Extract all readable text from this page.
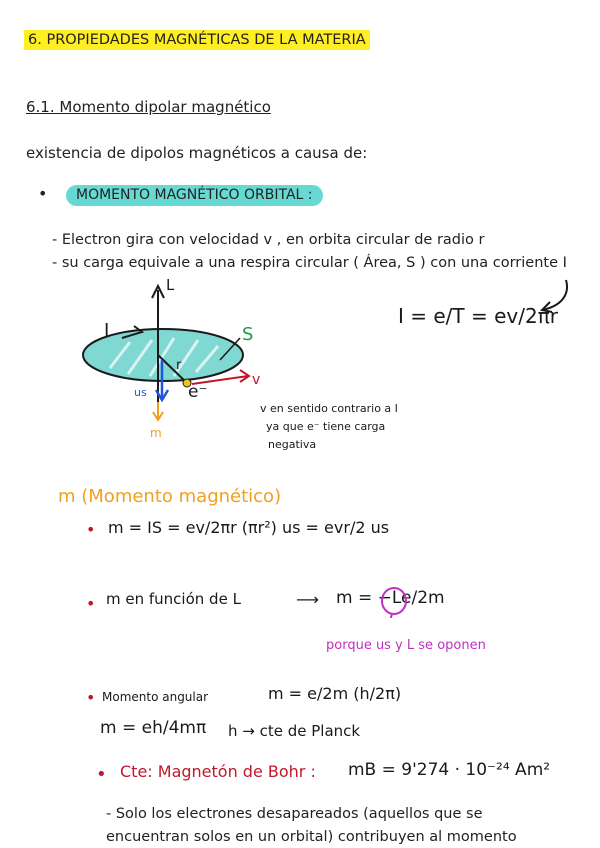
6. PROPIEDADES MAGNÉTICAS DE LA MATERIA
6.1. Momento dipolar magnético
existencia de dipolos magnéticos a causa de:
•	MOMENTO MAGNÉTICO ORBITAL :
- Electron gira con velocidad v , en orbita circular de radio r
- su carga equivale a una respira circular ( Área, S ) con una corriente I
L
I	S
r
e⁻
v
us
m
I = e/T = ev/2πr
v en sentido contrario a I
ya que e⁻ tiene carga
negativa
m (Momento magnético)
• m = IS = ev/2πr (πr²) us = evr/2 us
• m en función de L	⟶ m = −Le/2m
porque us y L se oponen
• Momento angular	m = e/2m (h/2π)
m = eh/4mπ h → cte de Planck
• Cte: Magnetón de Bohr : mB = 9'274 · 10⁻²⁴ Am²
- Solo los electrones desapareados (aquellos que se
encuentran solos en un orbital) contribuyen al momento
